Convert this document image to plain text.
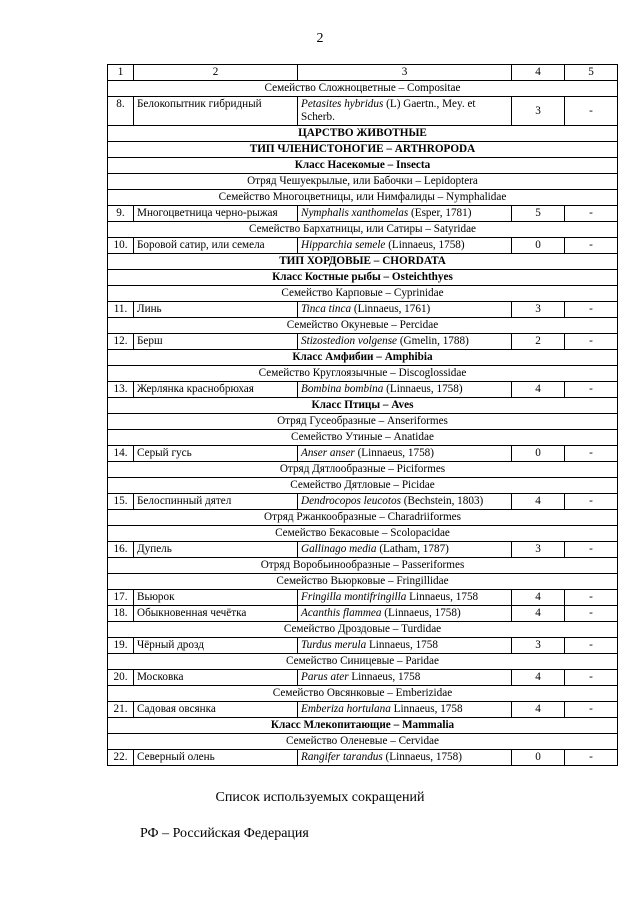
2
1	2	3	4	5
Семейство Сложноцветные – Compositae				
8.	Белокопытник гибридный	Petasites hybridus (L) Gaertn., Mey. et Scherb.	3	-
ЦАРСТВО ЖИВОТНЫЕ				
ТИП ЧЛЕНИСТОНОГИЕ – ARTHROPODA				
Класс Насекомые – Insecta				
Отряд Чешуекрылые, или Бабочки – Lepidoptera				
Семейство Многоцветницы, или Нимфалиды – Nymphalidae				
9.	Многоцветница черно-рыжая	Nymphalis xanthomelas (Esper, 1781)	5	-
Семейство Бархатницы, или Сатиры – Satyridae				
10.	Боровой сатир, или семела	Hipparchia semele (Linnaeus, 1758)	0	-
ТИП ХОРДОВЫЕ – CHORDATA				
Класс Костные рыбы – Osteichthyes				
Семейство Карповые – Cyprinidae				
11.	Линь	Tinca tinca (Linnaeus, 1761)	3	-
Семейство Окуневые – Percidae				
12.	Берш	Stizostedion volgense (Gmelin, 1788)	2	-
Класс Амфибии – Amphibia				
Семейство Круглоязычные – Discoglossidae				
13.	Жерлянка краснобрюхая	Bombina bombina (Linnaeus, 1758)	4	-
Класс Птицы – Aves				
Отряд Гусеобразные – Anseriformes				
Семейство Утиные – Anatidae				
14.	Серый гусь	Anser anser (Linnaeus, 1758)	0	-
Отряд Дятлообразные – Piciformes				
Семейство Дятловые – Picidae				
15.	Белоспинный дятел	Dendrocopos leucotos (Bechstein, 1803)	4	-
Отряд Ржанкообразные – Charadriiformes				
Семейство Бекасовые – Scolopacidae				
16.	Дупель	Gallinago media (Latham, 1787)	3	-
Отряд Воробьинообразные – Passeriformes				
Семейство Вьюрковые – Fringillidae				
17.	Вьюрок	Fringilla montifringilla Linnaeus, 1758	4	-
18.	Обыкновенная чечётка	Acanthis flammea (Linnaeus, 1758)	4	-
Семейство Дроздовые – Turdidae				
19.	Чёрный дрозд	Turdus merula Linnaeus, 1758	3	-
Семейство Синицевые – Paridae				
20.	Московка	Parus ater Linnaeus, 1758	4	-
Семейство Овсянковые – Emberizidae				
21.	Садовая овсянка	Emberiza hortulana Linnaeus, 1758	4	-
Класс Млекопитающие – Mammalia				
Семейство Оленевые – Cervidae				
22.	Северный олень	Rangifer tarandus (Linnaeus, 1758)	0	-
Список используемых сокращений
РФ – Российская Федерация
